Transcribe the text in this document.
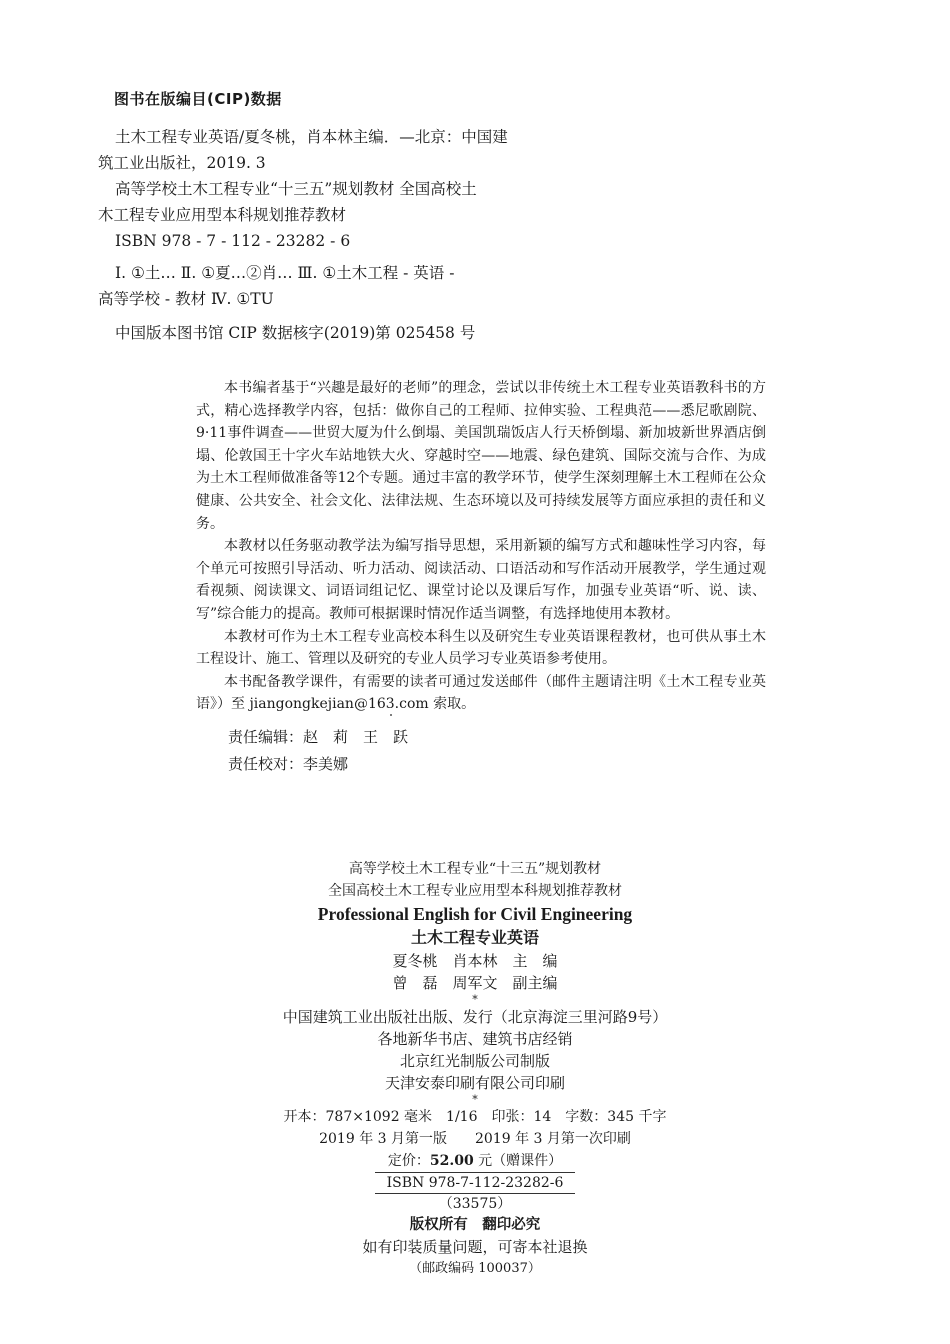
图书在版编目(CIP)数据
土木工程专业英语/夏冬桃，肖本林主编．—北京：中国建
筑工业出版社，2019. 3
高等学校土木工程专业“十三五”规划教材 全国高校土
木工程专业应用型本科规划推荐教材
ISBN 978 - 7 - 112 - 23282 - 6
Ⅰ. ①土… Ⅱ. ①夏…②肖… Ⅲ. ①土木工程 - 英语 -
高等学校 - 教材 Ⅳ. ①TU
中国版本图书馆 CIP 数据核字(2019)第 025458 号

本书编者基于“兴趣是最好的老师”的理念，尝试以非传统土木工程专业英语教科书的方式，精心选择教学内容，包括：做你自己的工程师、拉伸实验、工程典范——悉尼歌剧院、9·11事件调查——世贸大厦为什么倒塌、美国凯瑞饭店人行天桥倒塌、新加坡新世界酒店倒塌、伦敦国王十字火车站地铁大火、穿越时空——地震、绿色建筑、国际交流与合作、为成为土木工程师做准备等12个专题。通过丰富的教学环节，使学生深刻理解土木工程师在公众健康、公共安全、社会文化、法律法规、生态环境以及可持续发展等方面应承担的责任和义务。

本教材以任务驱动教学法为编写指导思想，采用新颖的编写方式和趣味性学习内容，每个单元可按照引导活动、听力活动、阅读活动、口语活动和写作活动开展教学，学生通过观看视频、阅读课文、词语词组记忆、课堂讨论以及课后写作，加强专业英语“听、说、读、写”综合能力的提高。教师可根据课时情况作适当调整，有选择地使用本教材。

本教材可作为土木工程专业高校本科生以及研究生专业英语课程教材，也可供从事土木工程设计、施工、管理以及研究的专业人员学习专业英语参考使用。

本书配备教学课件，有需要的读者可通过发送邮件（邮件主题请注明《土木工程专业英语》）至 jiangongkejian@163.com 索取。

责任编辑：赵　莉　王　跃
责任校对：李美娜
高等学校土木工程专业“十三五”规划教材
全国高校土木工程专业应用型本科规划推荐教材
Professional English for Civil Engineering
土木工程专业英语
夏冬桃　肖本林　主　编
曾　磊　周军文　副主编
*
中国建筑工业出版社出版、发行（北京海淀三里河路9号）
各地新华书店、建筑书店经销
北京红光制版公司制版
天津安泰印刷有限公司印刷
*
开本：787×1092 毫米　1/16　印张：14　字数：345 千字
2019 年 3 月第一版　　2019 年 3 月第一次印刷
定价：52.00 元（赠课件）
ISBN 978-7-112-23282-6
（33575）
版权所有　翻印必究
如有印装质量问题，可寄本社退换
（邮政编码 100037）
